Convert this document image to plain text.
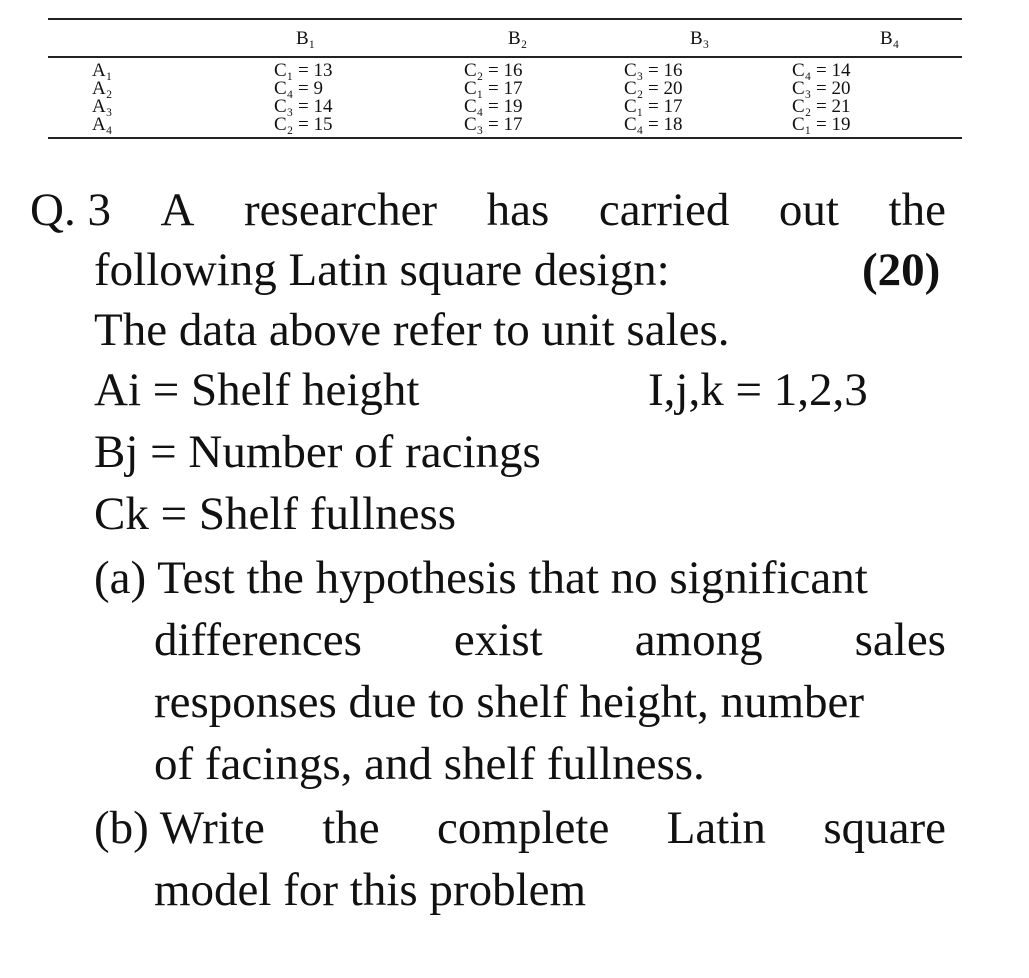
	B₁	B₂	B₃	B₄
A₁	C₁ = 13	C₂ = 16	C₃ = 16	C₄ = 14
A₂	C₄ = 9	C₁ = 17	C₂ = 20	C₃ = 20
A₃	C₃ = 14	C₄ = 19	C₁ = 17	C₂ = 21
A₄	C₂ = 15	C₃ = 17	C₄ = 18	C₁ = 19
Q. 3 A researcher has carried out the
following Latin square design:	(20)
The data above refer to unit sales.
Ai = Shelf height	I,j,k = 1,2,3
Bj = Number of racings
Ck = Shelf fullness
(a) Test the hypothesis that no significant
differences exist among sales
responses due to shelf height, number
of facings, and shelf fullness.
(b) Write the complete Latin square
model for this problem
